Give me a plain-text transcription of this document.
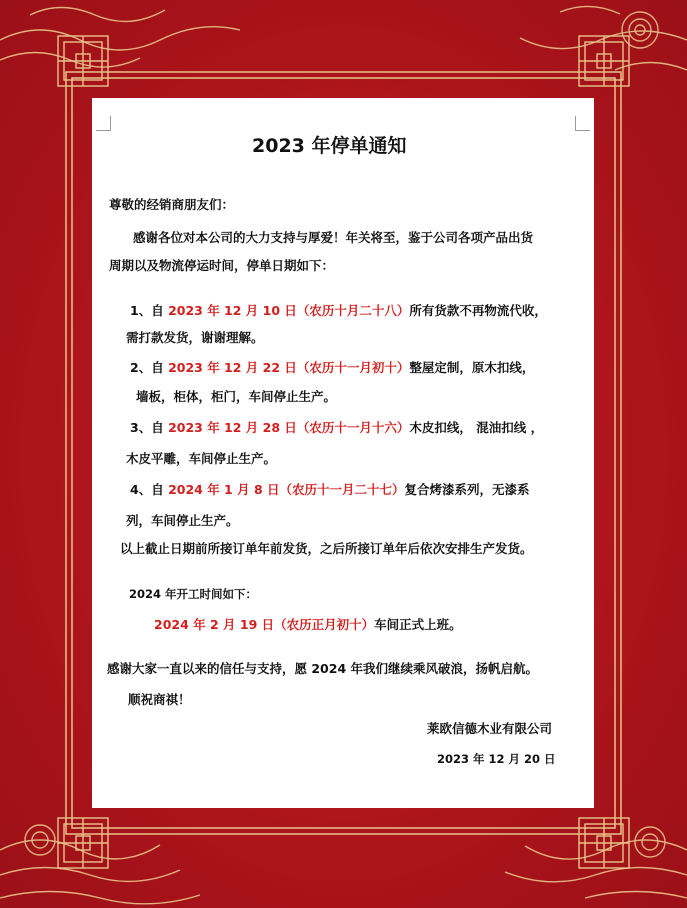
2023 年停单通知
尊敬的经销商朋友们：
感谢各位对本公司的大力支持与厚爱！年关将至，鉴于公司各项产品出货
周期以及物流停运时间，停单日期如下：
1、自 2023 年 12 月 10 日（农历十月二十八）所有货款不再物流代收，
需打款发货，谢谢理解。
2、自 2023 年 12 月 22 日（农历十一月初十）整屋定制，原木扣线，
墙板，柜体，柜门，车间停止生产。
3、自 2023 年 12 月 28 日（农历十一月十六）木皮扣线， 混油扣线 ，
木皮平雕，车间停止生产。
4、自 2024 年 1 月 8 日（农历十一月二十七）复合烤漆系列，无漆系
列，车间停止生产。
以上截止日期前所接订单年前发货，之后所接订单年后依次安排生产发货。
2024 年开工时间如下：
2024 年 2 月 19 日（农历正月初十）车间正式上班。
感谢大家一直以来的信任与支持，愿 2024 年我们继续乘风破浪，扬帆启航。
顺祝商祺！
莱欧信德木业有限公司
2023 年 12 月 20 日
